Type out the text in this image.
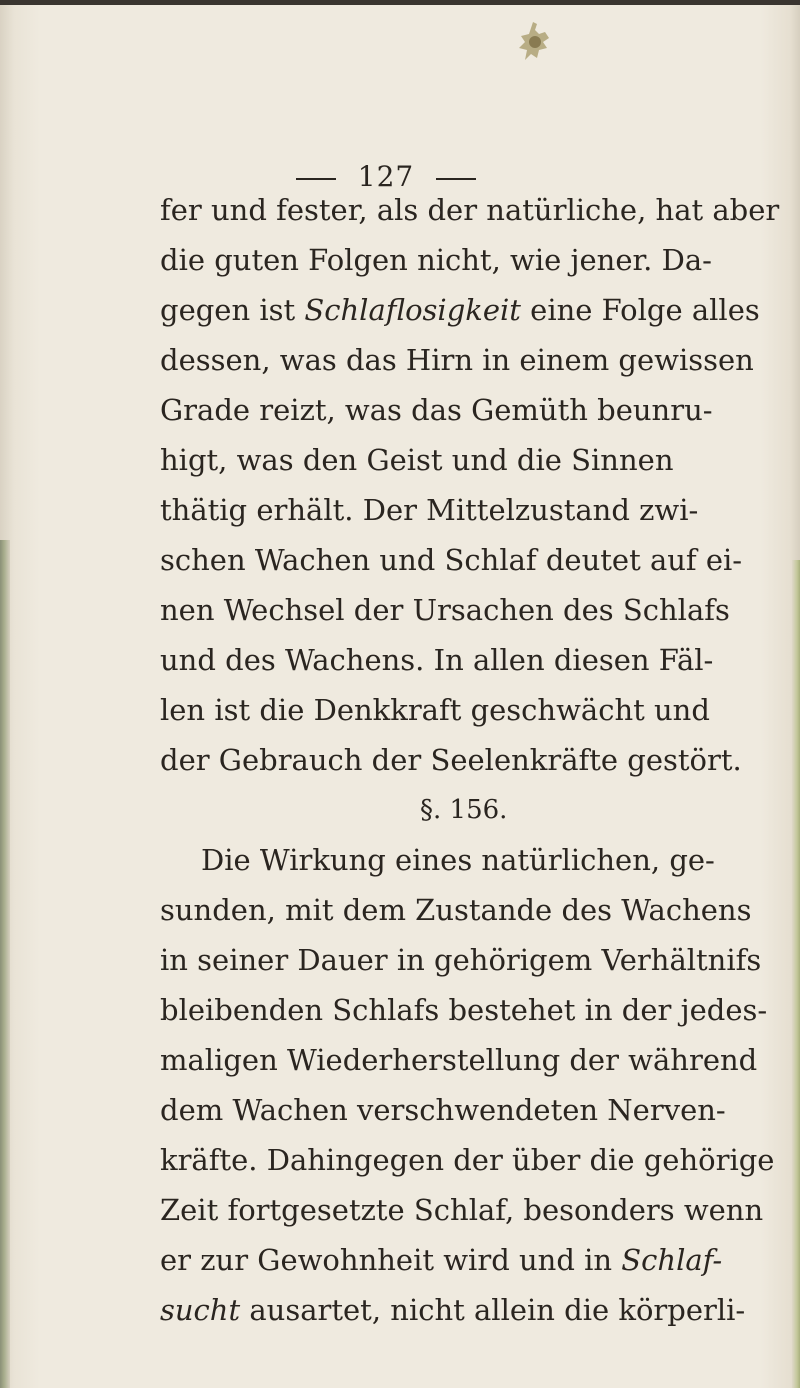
127
fer und fester, als der natürliche, hat aber
die guten Folgen nicht, wie jener. Da-
gegen ist Schlaflosigkeit eine Folge alles
dessen, was das Hirn in einem gewissen
Grade reizt, was das Gemüth beunru-
higt, was den Geist und die Sinnen
thätig erhält. Der Mittelzustand zwi-
schen Wachen und Schlaf deutet auf ei-
nen Wechsel der Ursachen des Schlafs
und des Wachens. In allen diesen Fäl-
len ist die Denkkraft geschwächt und
der Gebrauch der Seelenkräfte gestört.
§. 156.
Die Wirkung eines natürlichen, ge-
sunden, mit dem Zustande des Wachens
in seiner Dauer in gehörigem Verhältnifs
bleibenden Schlafs bestehet in der jedes-
maligen Wiederherstellung der während
dem Wachen verschwendeten Nerven-
kräfte. Dahingegen der über die gehörige
Zeit fortgesetzte Schlaf, besonders wenn
er zur Gewohnheit wird und in Schlaf-
sucht ausartet, nicht allein die körperli-
